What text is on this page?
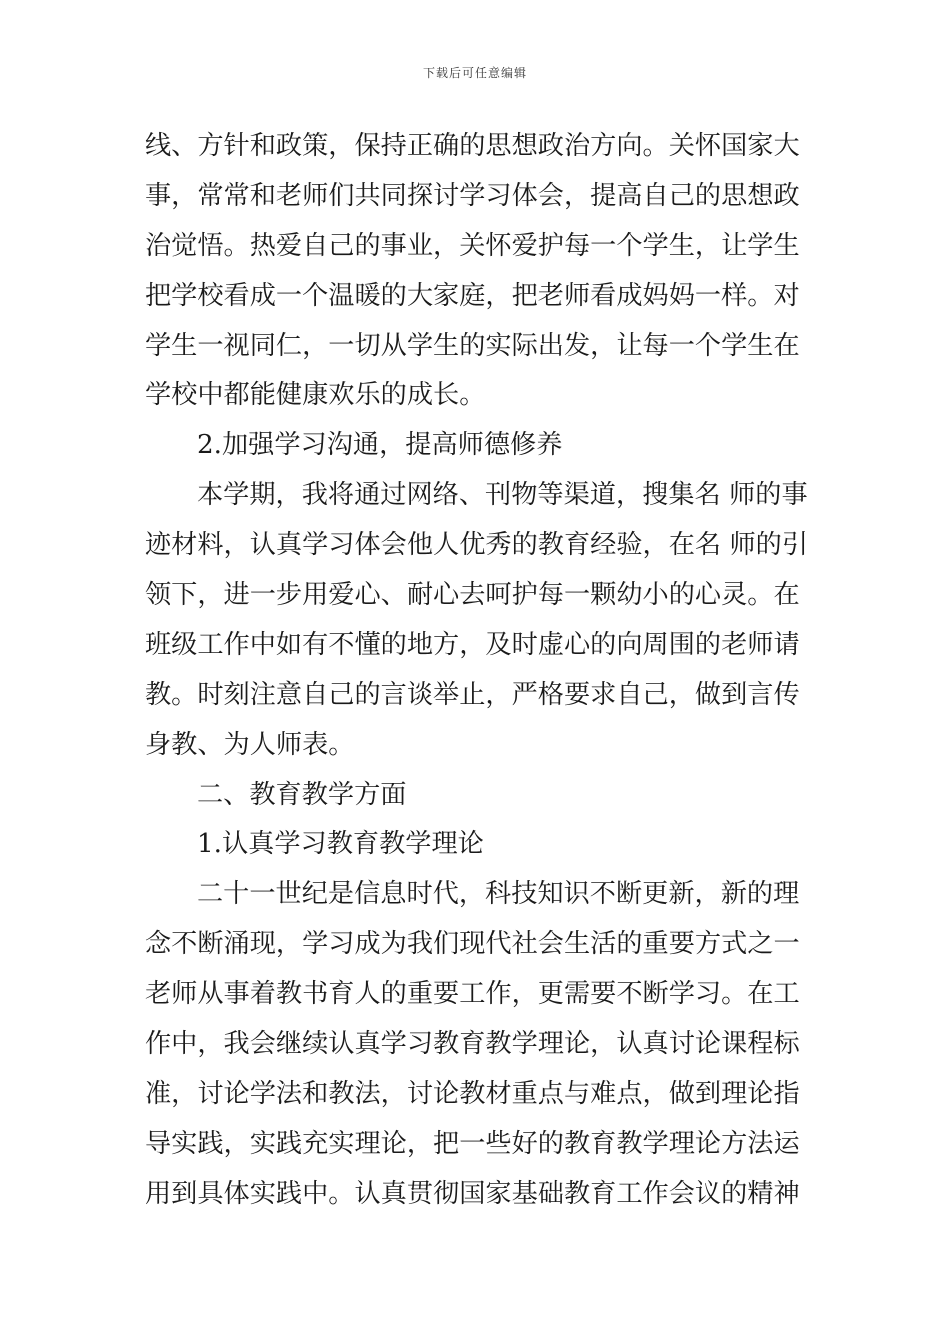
下载后可任意编辑
线、方针和政策，保持正确的思想政治方向。关怀国家大
事，常常和老师们共同探讨学习体会，提高自己的思想政
治觉悟。热爱自己的事业，关怀爱护每一个学生，让学生
把学校看成一个温暖的大家庭，把老师看成妈妈一样。对
学生一视同仁，一切从学生的实际出发，让每一个学生在
学校中都能健康欢乐的成长。
2.加强学习沟通，提高师德修养
本学期，我将通过网络、刊物等渠道，搜集名 师的事
迹材料，认真学习体会他人优秀的教育经验，在名 师的引
领下，进一步用爱心、耐心去呵护每一颗幼小的心灵。在
班级工作中如有不懂的地方，及时虚心的向周围的老师请
教。时刻注意自己的言谈举止，严格要求自己，做到言传
身教、为人师表。
二、教育教学方面
1.认真学习教育教学理论
二十一世纪是信息时代，科技知识不断更新，新的理
念不断涌现，学习成为我们现代社会生活的重要方式之一
老师从事着教书育人的重要工作，更需要不断学习。在工
作中，我会继续认真学习教育教学理论，认真讨论课程标
准，讨论学法和教法，讨论教材重点与难点，做到理论指
导实践，实践充实理论，把一些好的教育教学理论方法运
用到具体实践中。认真贯彻国家基础教育工作会议的精神
